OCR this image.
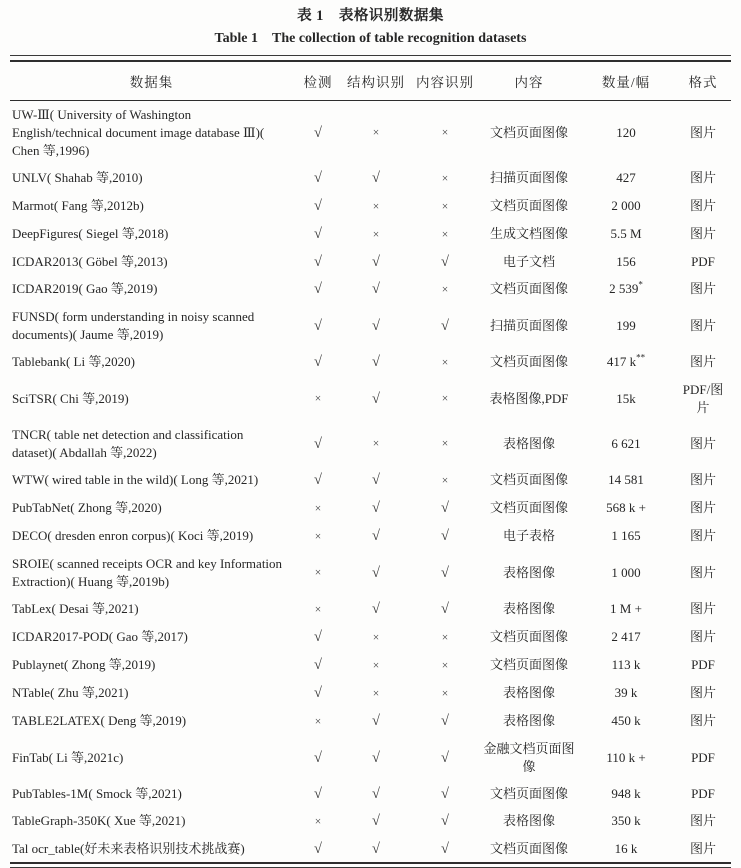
表 1　表格识别数据集
Table 1　The collection of table recognition datasets
数据集	检测	结构识别	内容识别	内容	数量/幅	格式
UW-Ⅲ( University of Washington English/technical document image database Ⅲ)( Chen 等,1996)	√	×	×	文档页面图像	120	图片
UNLV( Shahab 等,2010)	√	√	×	扫描页面图像	427	图片
Marmot( Fang 等,2012b)	√	×	×	文档页面图像	2 000	图片
DeepFigures( Siegel 等,2018)	√	×	×	生成文档图像	5.5 M	图片
ICDAR2013( Göbel 等,2013)	√	√	√	电子文档	156	PDF
ICDAR2019( Gao 等,2019)	√	√	×	文档页面图像	2 539*	图片
FUNSD( form understanding in noisy scanned documents)( Jaume 等,2019)	√	√	√	扫描页面图像	199	图片
Tablebank( Li 等,2020)	√	√	×	文档页面图像	417 k**	图片
SciTSR( Chi 等,2019)	×	√	×	表格图像,PDF	15k	PDF/图片
TNCR( table net detection and classification dataset)( Abdallah 等,2022)	√	×	×	表格图像	6 621	图片
WTW( wired table in the wild)( Long 等,2021)	√	√	×	文档页面图像	14 581	图片
PubTabNet( Zhong 等,2020)	×	√	√	文档页面图像	568 k +	图片
DECO( dresden enron corpus)( Koci 等,2019)	×	√	√	电子表格	1 165	图片
SROIE( scanned receipts OCR and key Information Extraction)( Huang 等,2019b)	×	√	√	表格图像	1 000	图片
TabLex( Desai 等,2021)	×	√	√	表格图像	1 M +	图片
ICDAR2017-POD( Gao 等,2017)	√	×	×	文档页面图像	2 417	图片
Publaynet( Zhong 等,2019)	√	×	×	文档页面图像	113 k	PDF
NTable( Zhu 等,2021)	√	×	×	表格图像	39 k	图片
TABLE2LATEX( Deng 等,2019)	×	√	√	表格图像	450 k	图片
FinTab( Li 等,2021c)	√	√	√	金融文档页面图像	110 k +	PDF
PubTables-1M( Smock 等,2021)	√	√	√	文档页面图像	948 k	PDF
TableGraph-350K( Xue 等,2021)	×	√	√	表格图像	350 k	图片
Tal ocr_table(好未来表格识别技术挑战赛)	√	√	√	文档页面图像	16 k	图片
